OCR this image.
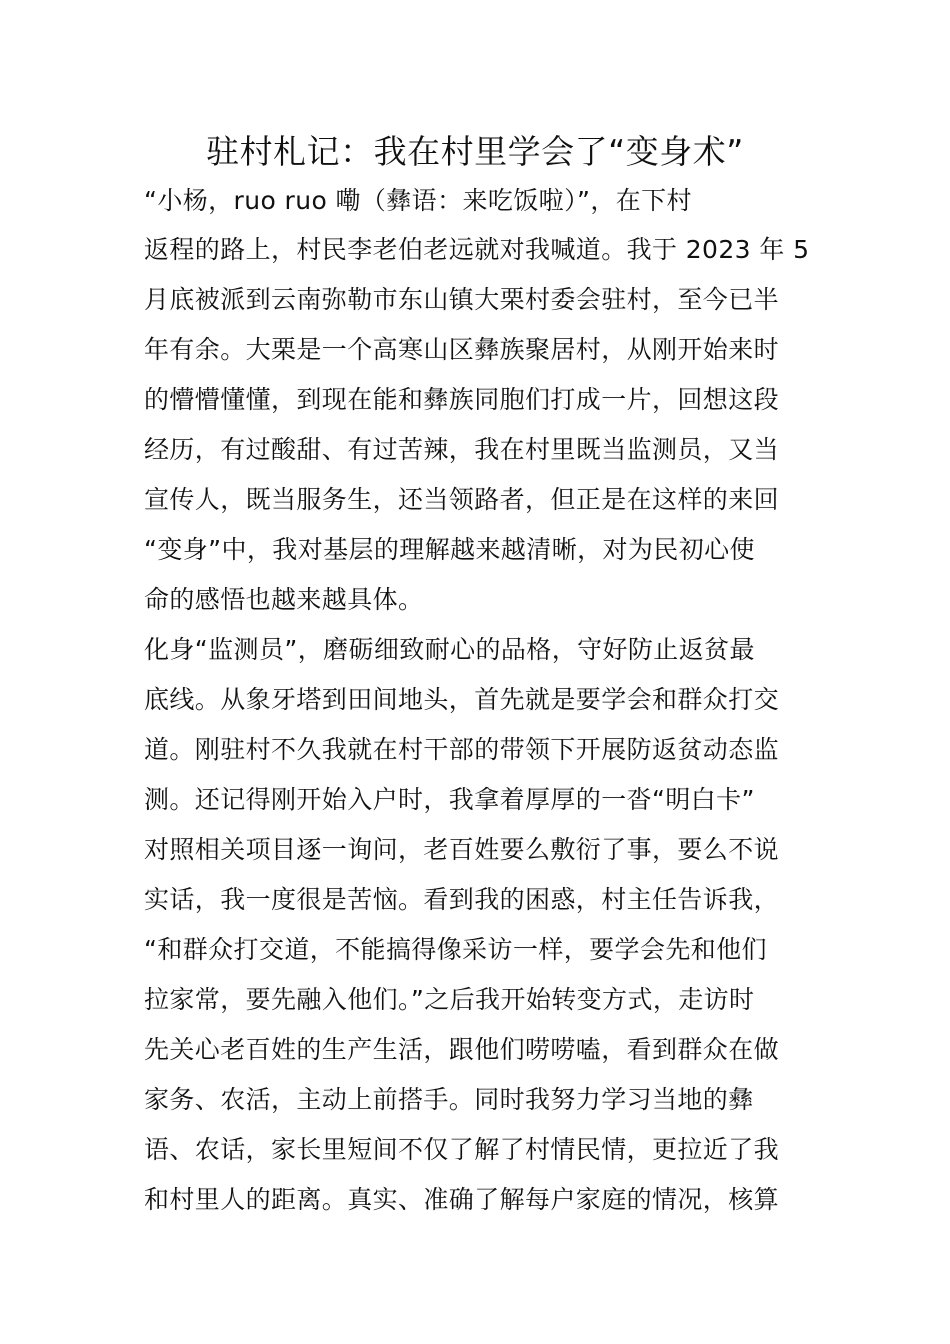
驻村札记：我在村里学会了“变身术”
“小杨，ruo ruo 嘞（彝语：来吃饭啦）”，在下村
返程的路上，村民李老伯老远就对我喊道。我于 2023 年 5
月底被派到云南弥勒市东山镇大栗村委会驻村，至今已半
年有余。大栗是一个高寒山区彝族聚居村，从刚开始来时
的懵懵懂懂，到现在能和彝族同胞们打成一片，回想这段
经历，有过酸甜、有过苦辣，我在村里既当监测员，又当
宣传人，既当服务生，还当领路者，但正是在这样的来回
“变身”中，我对基层的理解越来越清晰，对为民初心使
命的感悟也越来越具体。
化身“监测员”，磨砺细致耐心的品格，守好防止返贫最
底线。从象牙塔到田间地头，首先就是要学会和群众打交
道。刚驻村不久我就在村干部的带领下开展防返贫动态监
测。还记得刚开始入户时，我拿着厚厚的一沓“明白卡”
对照相关项目逐一询问，老百姓要么敷衍了事，要么不说
实话，我一度很是苦恼。看到我的困惑，村主任告诉我，
“和群众打交道，不能搞得像采访一样，要学会先和他们
拉家常，要先融入他们。”之后我开始转变方式，走访时
先关心老百姓的生产生活，跟他们唠唠嗑，看到群众在做
家务、农活，主动上前搭手。同时我努力学习当地的彝
语、农话，家长里短间不仅了解了村情民情，更拉近了我
和村里人的距离。真实、准确了解每户家庭的情况，核算
